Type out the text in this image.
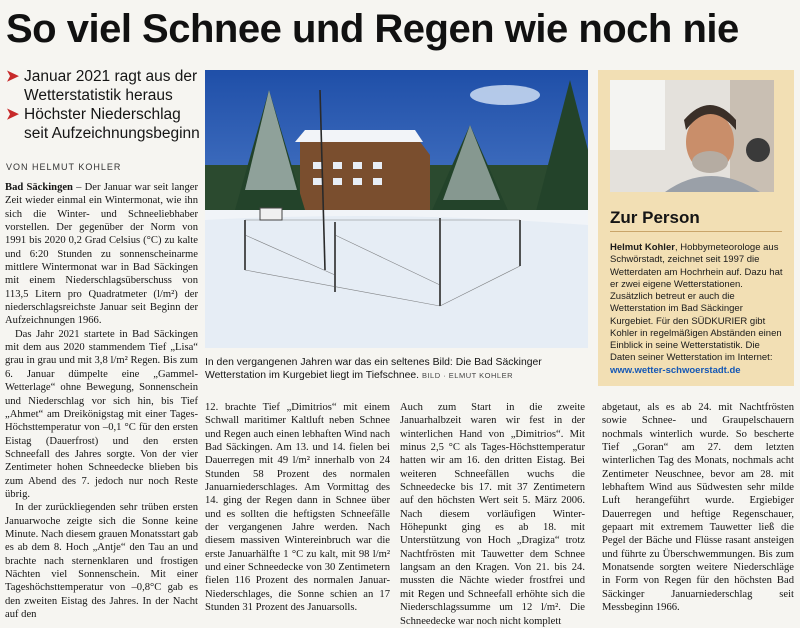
So viel Schnee und Regen wie noch nie
➤ Januar 2021 ragt aus der Wetterstatistik heraus
➤ Höchster Niederschlag seit Aufzeichnungsbeginn
VON HELMUT KOHLER

Bad Säckingen – Der Januar war seit langer Zeit wieder einmal ein Wintermonat, wie ihn sich die Winter- und Schneeliebhaber vorstellen. Der gegenüber der Norm von 1991 bis 2020 0,2 Grad Celsius (°C) zu kalte und 6:20 Stunden zu sonnenscheinarme mittlere Wintermonat war in Bad Säckingen mit einem Niederschlagsüberschuss von 113,5 Litern pro Quadratmeter (l/m²) der niederschlagsreichste Januar seit Beginn der Aufzeichnungen 1966.

Das Jahr 2021 startete in Bad Säckingen mit dem aus 2020 stammendem Tief „Lisa“ grau in grau und mit 3,8 l/m² Regen. Bis zum 6. Januar dümpelte eine „Gammel-Wetterlage“ ohne Bewegung, Sonnenschein und Niederschlag vor sich hin, bis Tief „Ahmet“ am Dreikönigstag mit einer Tages-Höchsttemperatur von –0,1 °C für den ersten Eistag (Dauerfrost) und den ersten Schneefall des Jahres sorgte. Von der vier Zentimeter hohen Schneedecke blieben bis zum Abend des 7. jedoch nur noch Reste übrig.

In der zurückliegenden sehr trüben ersten Januarwoche zeigte sich die Sonne keine Minute. Nach diesem grauen Monatsstart gab es ab dem 8. Hoch „Antje“ den Tau an und brachte nach sternenklaren und frostigen Nächten viel Sonnenschein. Mit einer Tageshöchsttemperatur von –0,8°C gab es den zweiten Eistag des Jahres. In der Nacht auf den

In den vergangenen Jahren war das ein seltenes Bild: Die Bad Säckinger Wetterstation im Kurgebiet liegt im Tiefschnee. BILD · ELMUT KOHLER

12. brachte Tief „Dimitrios“ mit einem Schwall maritimer Kaltluft neben Schnee und Regen auch einen lebhaften Wind nach Bad Säckingen. Am 13. und 14. fielen bei Dauerregen mit 49 l/m² innerhalb von 24 Stunden 58 Prozent des normalen Januarniederschlages. Am Vormittag des 14. ging der Regen dann in Schnee über und es sollten die heftigsten Schneefälle der vergangenen Jahre werden. Nach diesem massiven Wintereinbruch war die erste Januarhälfte 1 °C zu kalt, mit 98 l/m² und einer Schneedecke von 30 Zentimetern fielen 116 Prozent des normalen Januar-Niederschlages, die Sonne schien an 17 Stunden 31 Prozent des Januarsolls.

Auch zum Start in die zweite Januarhalbzeit waren wir fest in der winterlichen Hand von „Dimitrios“. Mit minus 2,5 °C als Tages-Höchsttemperatur hatten wir am 16. den dritten Eistag. Bei weiteren Schneefällen wuchs die Schneedecke bis 17. mit 37 Zentimetern auf den höchsten Wert seit 5. März 2006. Nach diesem vorläufigen Winter-Höhepunkt ging es ab 18. mit Unterstützung von Hoch „Dragiza“ trotz Nachtfrösten mit Tauwetter dem Schnee langsam an den Kragen. Von 21. bis 24. mussten die Nächte wieder frostfrei und mit Regen und Schneefall erhöhte sich die Niederschlagssumme um 12 l/m². Die Schneedecke war noch nicht komplett

abgetaut, als es ab 24. mit Nachtfrösten sowie Schnee- und Graupelschauern nochmals winterlich wurde. So bescherte Tief „Goran“ am 27. dem letzten winterlichen Tag des Monats, nochmals acht Zentimeter Neuschnee, bevor am 28. mit lebhaftem Wind aus Südwesten sehr milde Luft herangeführt wurde. Ergiebiger Dauerregen und heftige Regenschauer, gepaart mit extremem Tauwetter ließ die Pegel der Bäche und Flüsse rasant ansteigen und führte zu Überschwemmungen. Bis zum Monatsende sorgten weitere Niederschläge in Form von Regen für den höchsten Bad Säckinger Januarniederschlag seit Messbeginn 1966.

Zur Person
Helmut Kohler, Hobbymeteorologe aus Schwörstadt, zeichnet seit 1997 die Wetterdaten am Hochrhein auf. Dazu hat er zwei eigene Wetterstationen. Zusätzlich betreut er auch die Wetterstation im Bad Säckinger Kurgebiet. Für den SÜDKURIER gibt Kohler in regelmäßigen Abständen einen Einblick in seine Wetterstatistik. Die Daten seiner Wetterstation im Internet: www.wetter-schwoerstadt.de
